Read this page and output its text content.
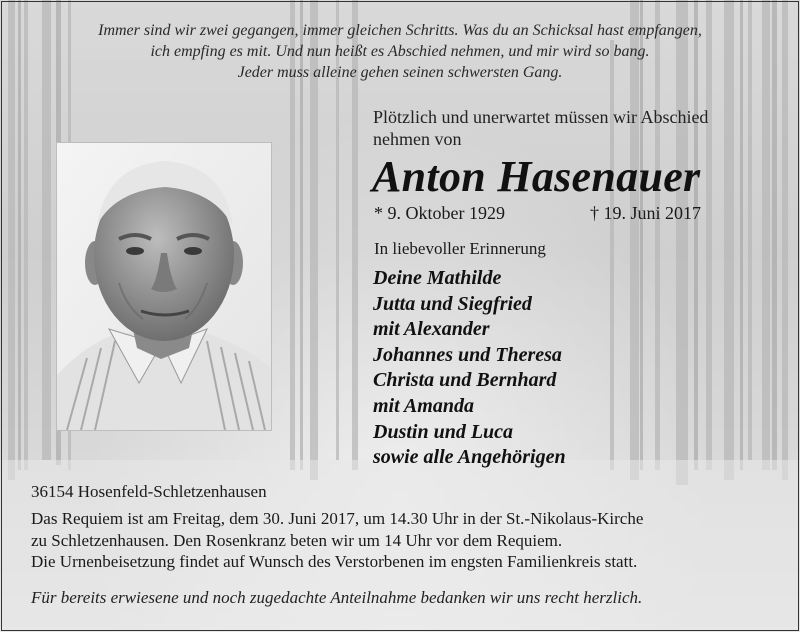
Immer sind wir zwei gegangen, immer gleichen Schritts. Was du an Schicksal hast empfangen,
ich empfing es mit. Und nun heißt es Abschied nehmen, und mir wird so bang.
Jeder muss alleine gehen seinen schwersten Gang.
Plötzlich und unerwartet müssen wir Abschied
nehmen von
Anton Hasenauer
* 9. Oktober 1929	† 19. Juni 2017
In liebevoller Erinnerung
Deine Mathilde
Jutta und Siegfried
mit Alexander
Johannes und Theresa
Christa und Bernhard
mit Amanda
Dustin und Luca
sowie alle Angehörigen
36154 Hosenfeld-Schletzenhausen
Das Requiem ist am Freitag, dem 30. Juni 2017, um 14.30 Uhr in der St.-Nikolaus-Kirche
zu Schletzenhausen. Den Rosenkranz beten wir um 14 Uhr vor dem Requiem.
Die Urnenbeisetzung findet auf Wunsch des Verstorbenen im engsten Familienkreis statt.
Für bereits erwiesene und noch zugedachte Anteilnahme bedanken wir uns recht herzlich.
